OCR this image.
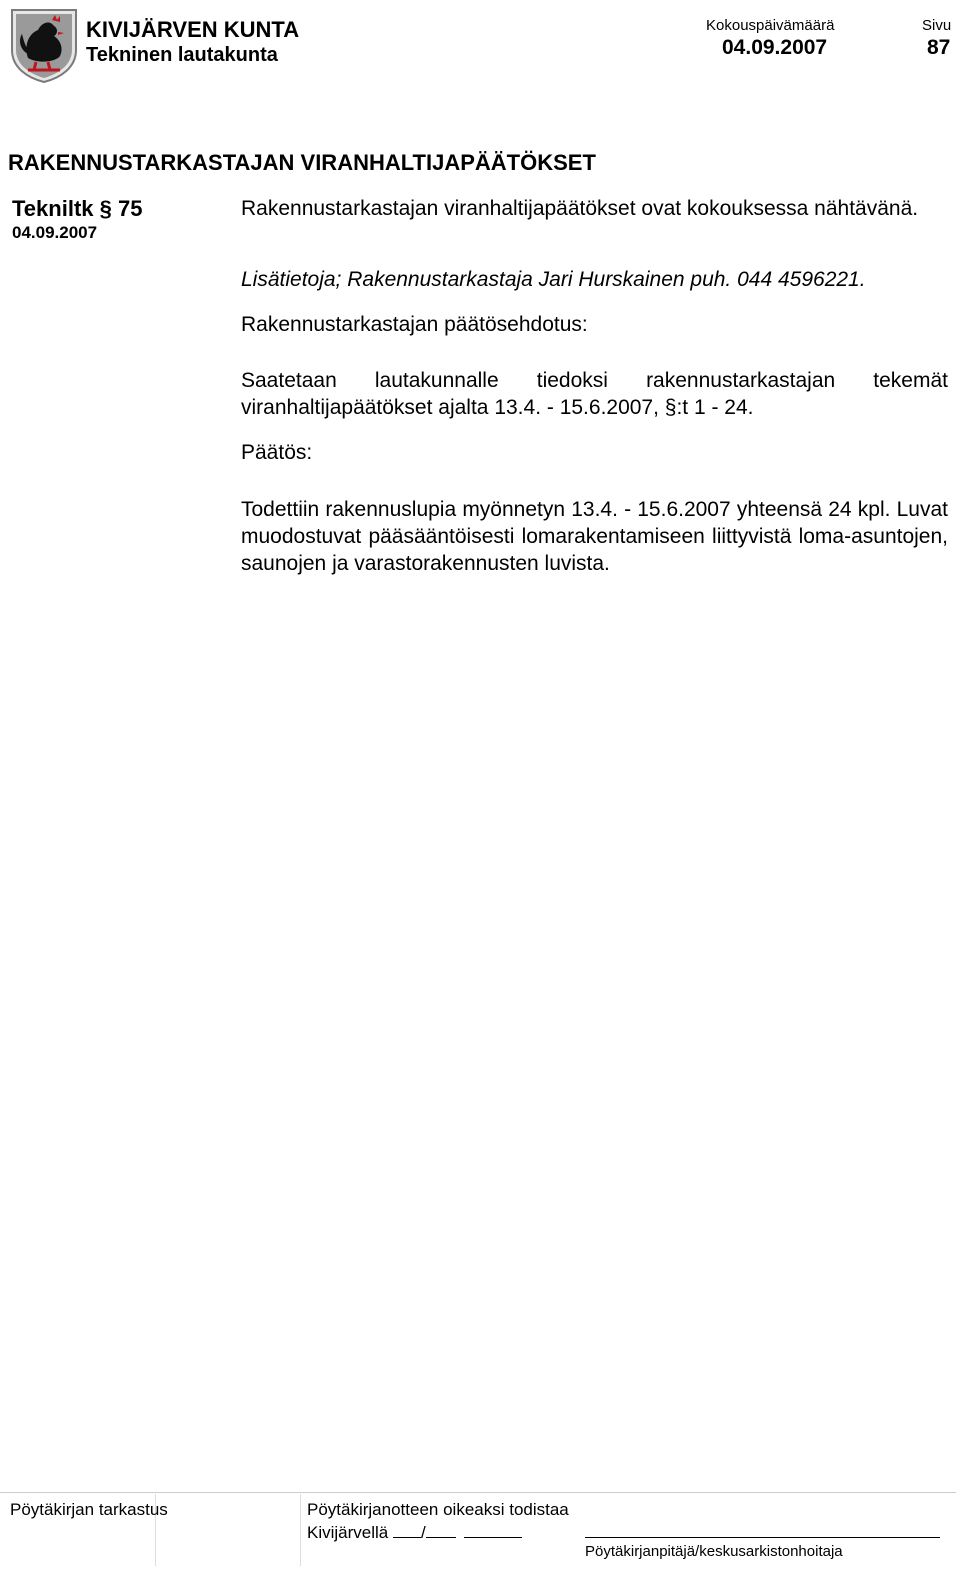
KIVIJÄRVEN KUNTA
Tekninen lautakunta
Kokouspäivämäärä
04.09.2007
Sivu
87
RAKENNUSTARKASTAJAN VIRANHALTIJAPÄÄTÖKSET
Tekniltk § 75
04.09.2007
Rakennustarkastajan viranhaltijapäätökset ovat kokouksessa nähtävänä.
Lisätietoja; Rakennustarkastaja Jari Hurskainen puh. 044 4596221.
Rakennustarkastajan päätösehdotus:
Saatetaan lautakunnalle tiedoksi rakennustarkastajan tekemät viranhaltijapäätökset ajalta 13.4. - 15.6.2007, §:t 1 - 24.
Päätös:
Todettiin rakennuslupia myönnetyn 13.4. - 15.6.2007 yhteensä 24 kpl. Luvat muodostuvat pääsääntöisesti lomarakentamiseen liittyvistä loma-asuntojen, saunojen ja varastorakennusten luvista.
Pöytäkirjan tarkastus	Pöytäkirjanotteen oikeaksi todistaa
Kivijärvellä /
Pöytäkirjanpitäjä/keskusarkistonhoitaja
